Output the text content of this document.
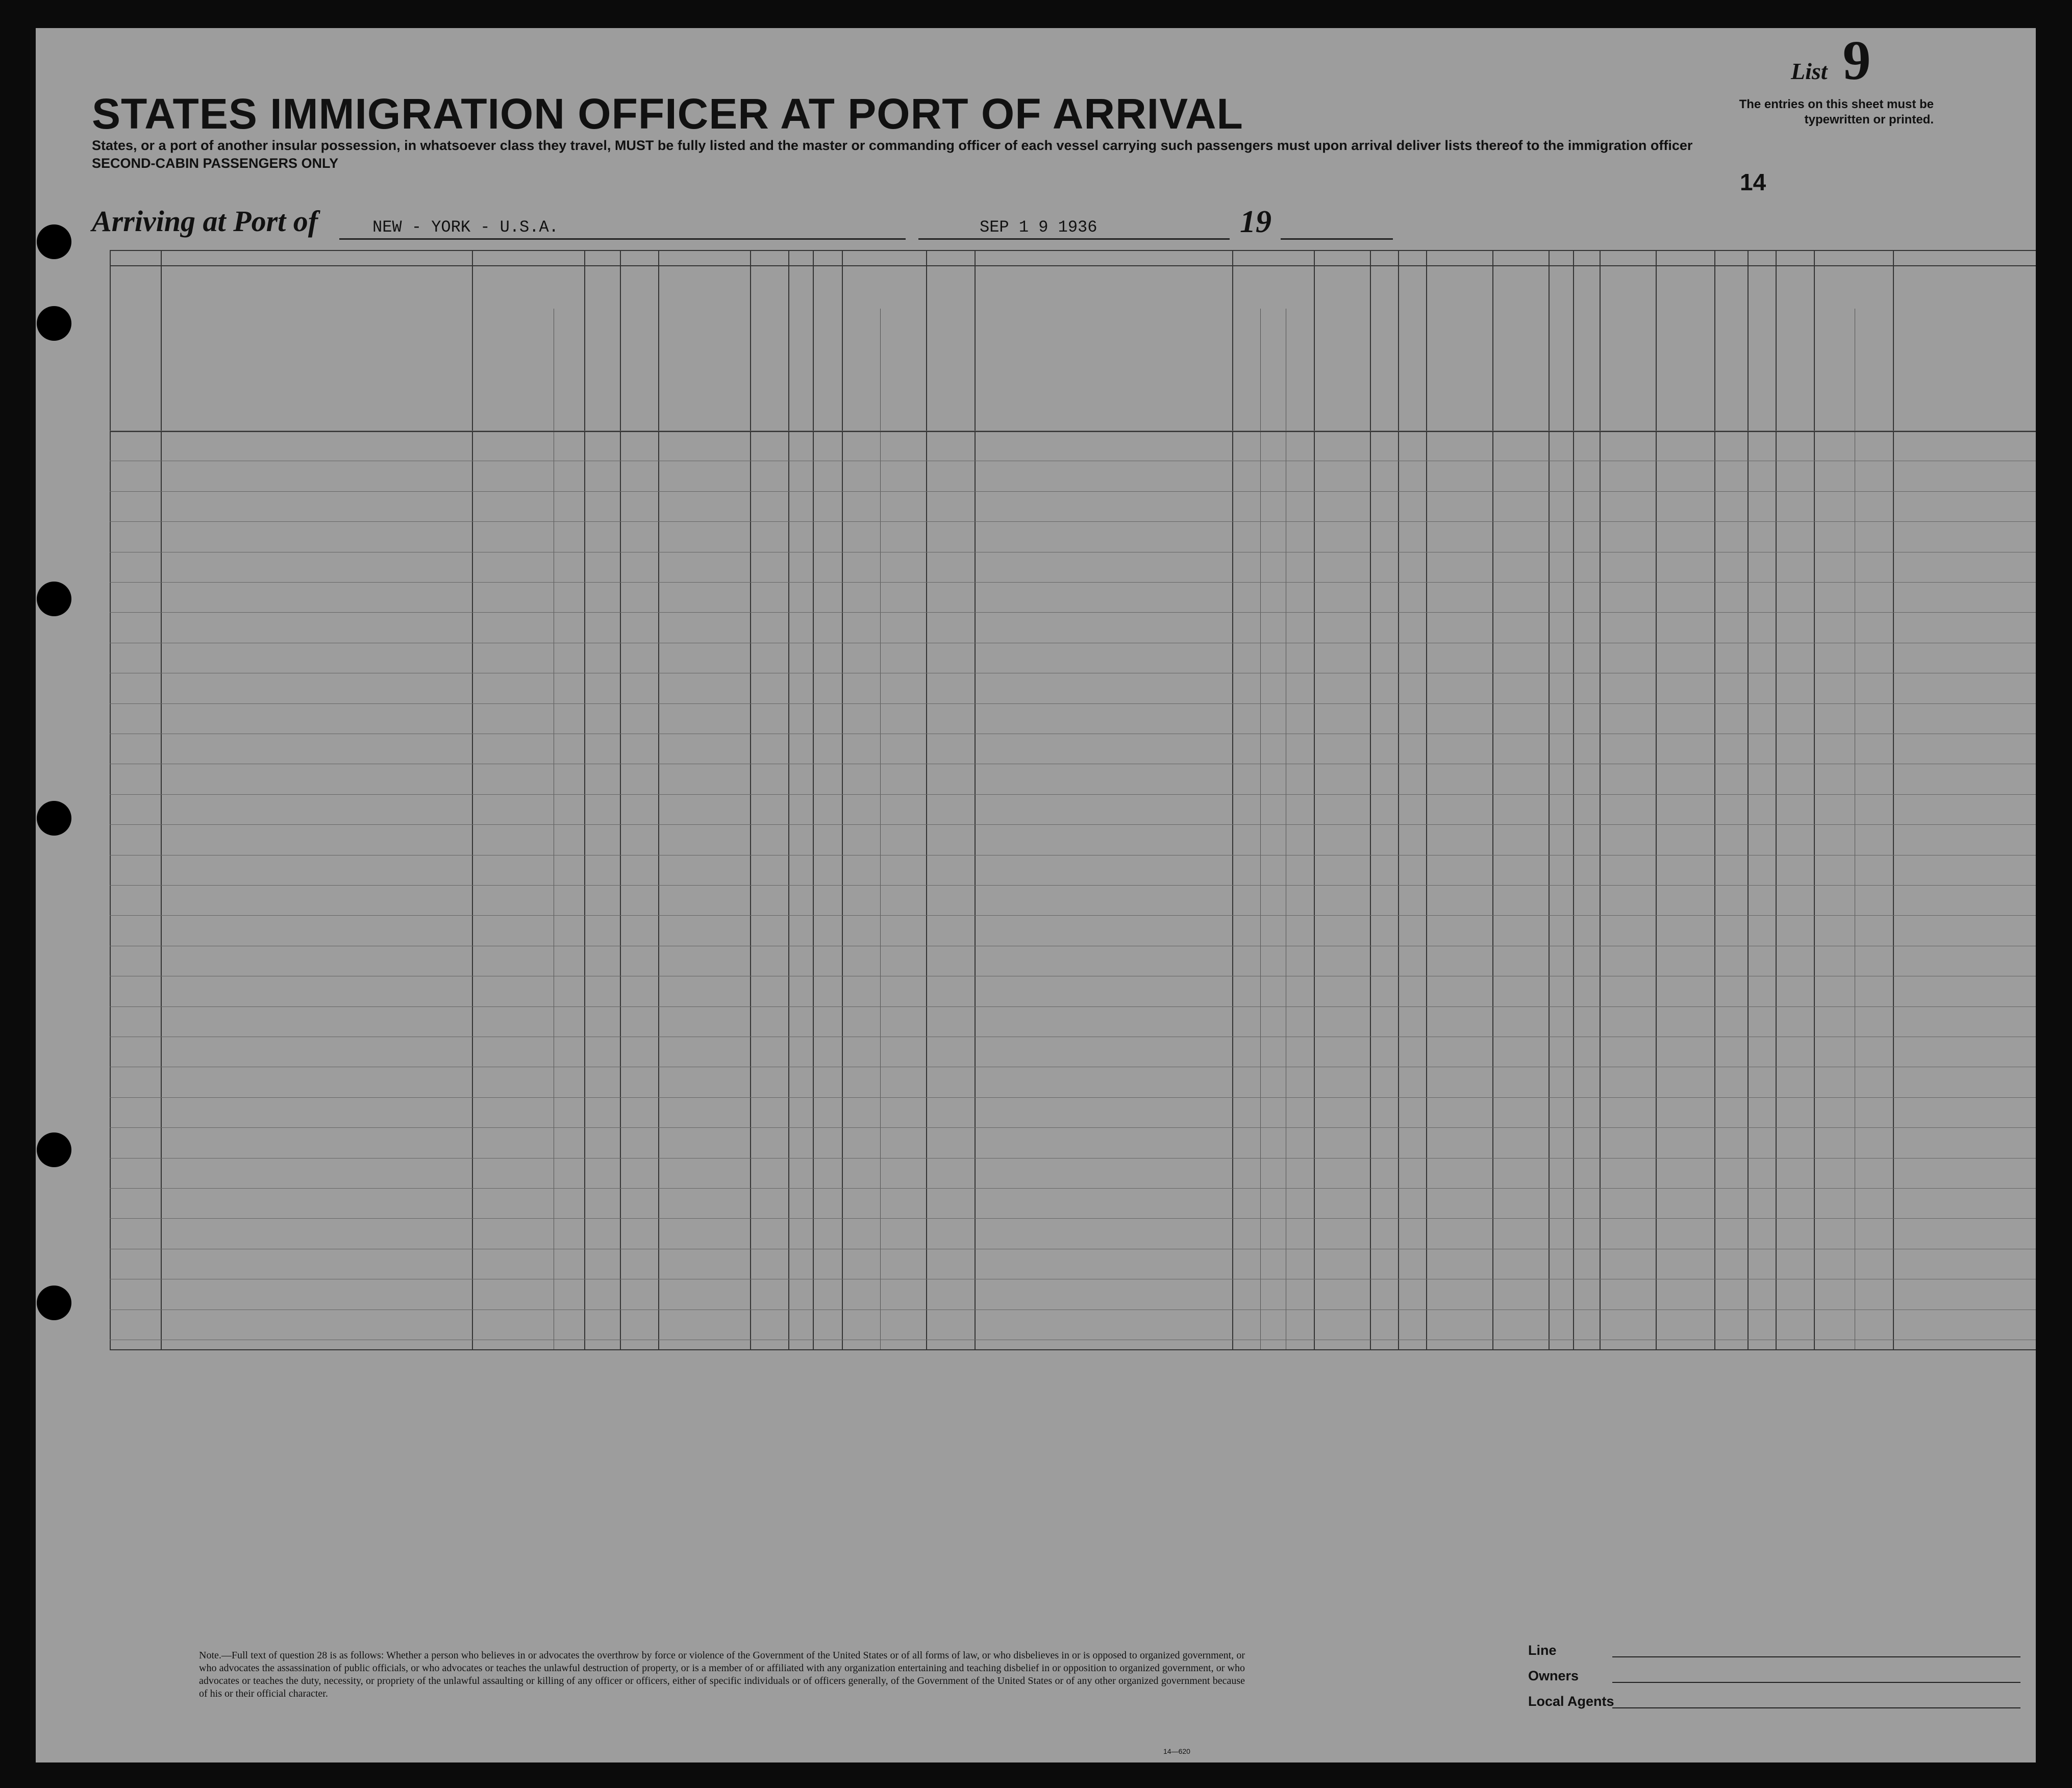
List 9
The entries on this sheet must be typewritten or printed.
14
STATES IMMIGRATION OFFICER AT PORT OF ARRIVAL
States, or a port of another insular possession, in whatsoever class they travel, MUST be fully listed and the master or commanding officer of each vessel carrying such passengers must upon arrival deliver lists thereof to the immigration officer
SECOND-CABIN PASSENGERS ONLY
Arriving at Port of	NEW - YORK - U.S.A.	SEP 1 9 1936	19
Note.—Full text of question 28 is as follows: Whether a person who believes in or advocates the overthrow by force or violence of the Government of the United States or of all forms of law, or who disbelieves in or is opposed to organized government, or who advocates the assassination of public officials, or who advocates or teaches the unlawful destruction of property, or is a member of or affiliated with any organization entertaining and teaching disbelief in or opposition to organized government, or who advocates or teaches the duty, necessity, or propriety of the unlawful assaulting or killing of any officer or officers, either of specific individuals or of officers generally, of the Government of the United States or of any other organized government because of his or their official character.
Line
Owners
Local Agents
14—620
